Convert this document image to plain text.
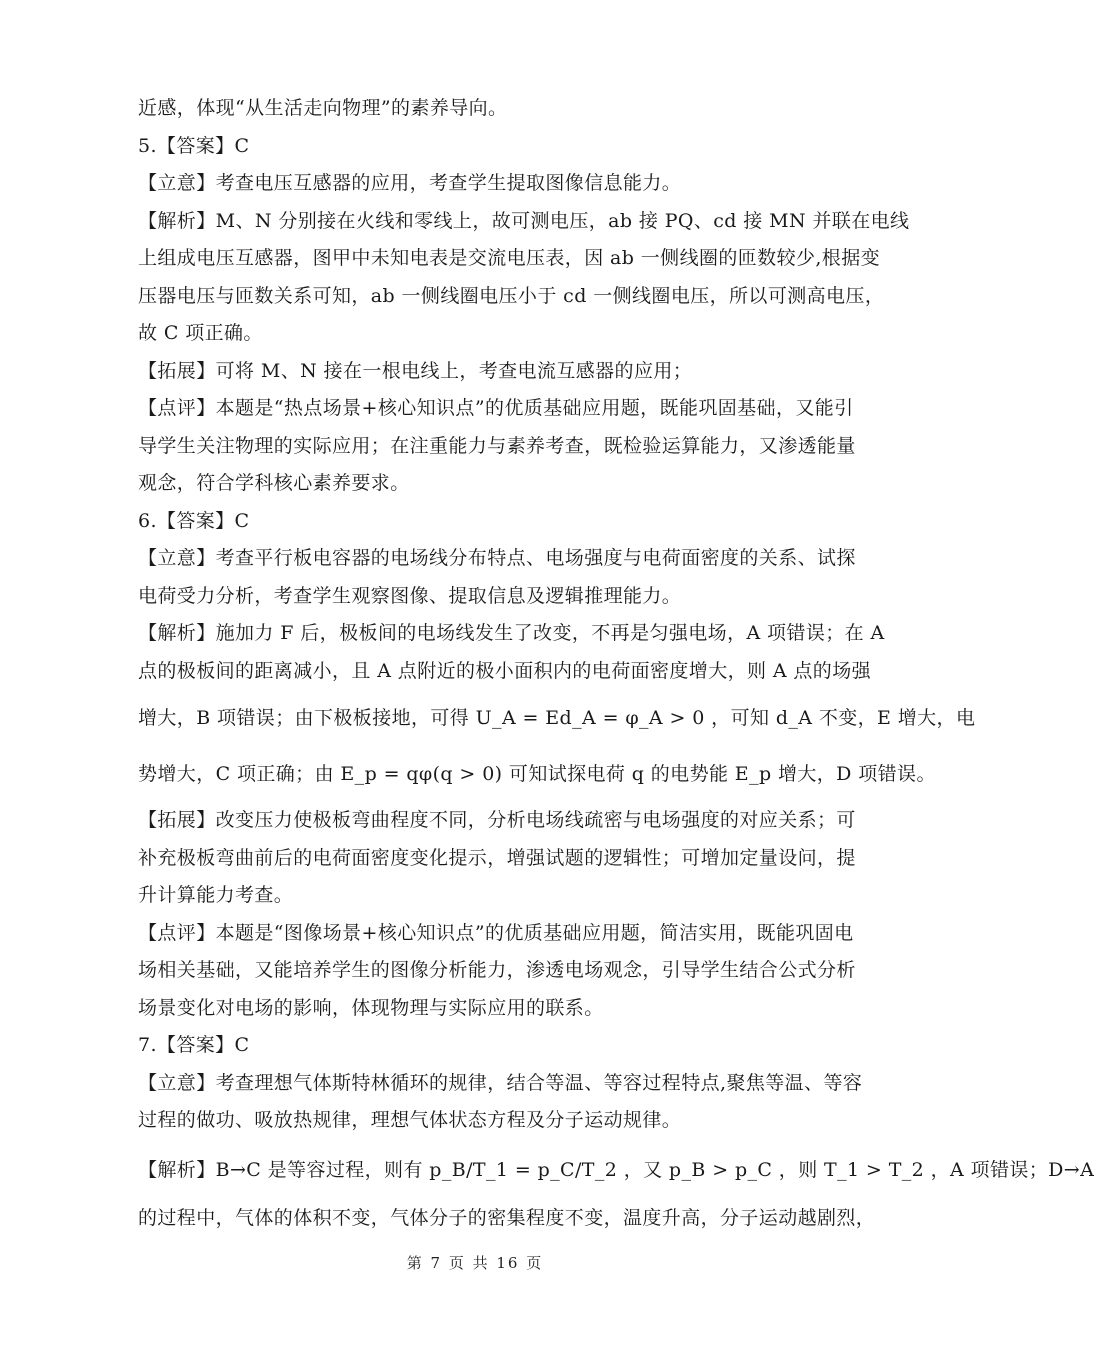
近感，体现“从生活走向物理”的素养导向。
5.【答案】C
【立意】考查电压互感器的应用，考查学生提取图像信息能力。
【解析】M、N 分别接在火线和零线上，故可测电压，ab 接 PQ、cd 接 MN 并联在电线
上组成电压互感器，图甲中未知电表是交流电压表，因 ab 一侧线圈的匝数较少,根据变
压器电压与匝数关系可知，ab 一侧线圈电压小于 cd 一侧线圈电压，所以可测高电压，
故 C 项正确。
【拓展】可将 M、N 接在一根电线上，考查电流互感器的应用；
【点评】本题是“热点场景+核心知识点”的优质基础应用题，既能巩固基础，又能引
导学生关注物理的实际应用；在注重能力与素养考查，既检验运算能力，又渗透能量
观念，符合学科核心素养要求。
6.【答案】C
【立意】考查平行板电容器的电场线分布特点、电场强度与电荷面密度的关系、试探
电荷受力分析，考查学生观察图像、提取信息及逻辑推理能力。
【解析】施加力 F 后，极板间的电场线发生了改变，不再是匀强电场，A 项错误；在 A
点的极板间的距离减小，且 A 点附近的极小面积内的电荷面密度增大，则 A 点的场强
增大，B 项错误；由下极板接地，可得 U_A = Ed_A = φ_A > 0 ，可知 d_A 不变，E 增大，电
势增大，C 项正确；由 E_p = qφ(q > 0) 可知试探电荷 q 的电势能 E_p 增大，D 项错误。
【拓展】改变压力使极板弯曲程度不同，分析电场线疏密与电场强度的对应关系；可
补充极板弯曲前后的电荷面密度变化提示，增强试题的逻辑性；可增加定量设问，提
升计算能力考查。
【点评】本题是“图像场景+核心知识点”的优质基础应用题，简洁实用，既能巩固电
场相关基础，又能培养学生的图像分析能力，渗透电场观念，引导学生结合公式分析
场景变化对电场的影响，体现物理与实际应用的联系。
7.【答案】C
【立意】考查理想气体斯特林循环的规律，结合等温、等容过程特点,聚焦等温、等容
过程的做功、吸放热规律，理想气体状态方程及分子运动规律。
【解析】B→C 是等容过程，则有 p_B/T_1 = p_C/T_2 ，又 p_B > p_C ，则 T_1 > T_2 ，A 项错误；D→A
的过程中，气体的体积不变，气体分子的密集程度不变，温度升高，分子运动越剧烈，
第 7 页 共 16 页
